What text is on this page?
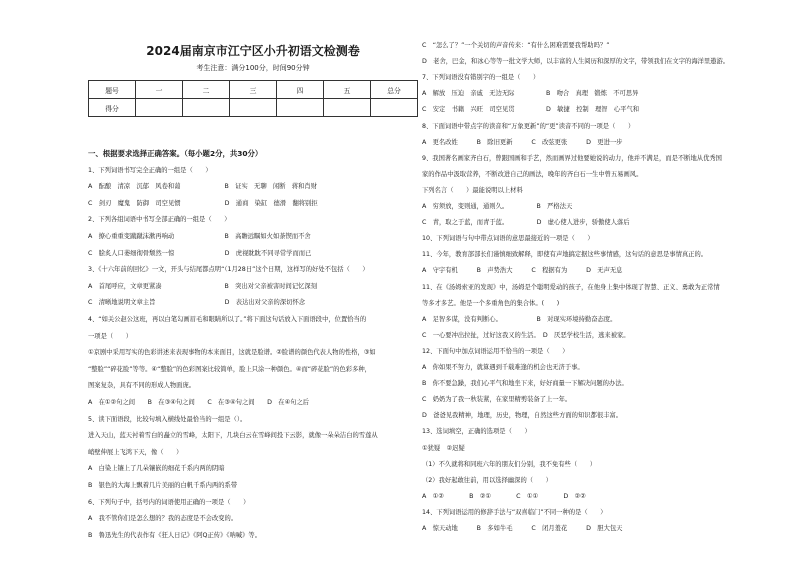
2024届南京市江宁区小升初语文检测卷
考生注意：满分100分，时间90分钟
题号	一	二	三	四	五	总分
得分						
一、根据要求选择正确答案。（每小题2分，共30分）
1、下列词语书写完全正确的一组是（　　）
A　酝酿　清凉　沉郁　风卷和蔼　　　　　　　B　证实　无聊　闲断　蒋和肖财
C　剑刃　魔鬼　防御　司空见惯　　　　　　　D　通商　染缸　德滑　翻将别拒
2、下列各组词语中书写全部正确的一组是（　　）
A　撩心重重变蹴蹴沫漱再响动　　　　　　　　B　高瞻远瞩如火如荼锲而不舍
C　脍炙人口萎细彻骨颓然一惊　　　　　　　　D　虎视眈眈不同寻常学而而已
3、《十六年前的回忆》一文，开头与结尾都点明“（1月28日”这个日期，这样写的好处不包括（　　）
A　首尾呼应，文章更紧凑　　　　　　　　　　B　突出对父亲被害时间记忆深刻
C　清晰地说明文章主旨　　　　　　　　　　　D　表达出对父亲的深切怀念
4、“如关公赵公这班，再以白笔勾画眉毛和眼睛所以了。”将下面这句话放入下面语段中，位置恰当的
一项是（　　）
①京剧中采用写实的色彩讲述来表现事物的本来面目，这就是脸谱。②脸谱的颜色代表人物的性格，③如
“整脸”“碎花脸”等等。④“整脸”的色彩图案比较简单，脸上只涂一种颜色。④而“碎花脸”的色彩多种，
图案复杂，具有不同的形成人物面庞。
A　在①②句之间　　B　在③④句之间　　C　在③④句之间　　D　在④句之后
5、读下面语段，比较句填入横线处最恰当的一组是（）。
进入天山，蓝天衬着雪白的矗立的雪峰，太阳下，几块白云在雪峰间投下云影，就像一朵朵洁白的雪莲从
峭壁伸展上飞鸿下天，像（　　）
A　白染上镶上了几朵镶嵌的细花千系内两的阴暗
B　银色的大海上飘着几片美丽的白帆千系内两的系带
6、下列句子中，括号内的词语使用正确的一项是（　　）
A　我不管你们是怎么想的？我的态度是不会改变的。
B　鲁迅先生的代表作有《狂人日记》《阿Q正传》《呐喊》等。
C　“怎么了？”一个关切的声音传来：“有什么困难需要我帮助吗？”
D　老舍，巴金，和冰心等等一批文学大师，以丰富的人生阅历和深厚的文字，带领我们在文字的海洋里遨游。
7、下列词语没有错别字的一组是（　　）
A　解放　压迫　亲戚　无边无际　　　　　B　吻合　真理　锻炼　不可思异
C　安定　书籍　兴旺　司空见贯　　　　　D　敏捷　控制　理智　心平气和
8、下面词语中带点字的读音和“万象更新”的“更”读音不同的一项是（　　）
A　更名改姓　　　B　除旧更新　　　C　改弦更张　　　D　更进一步
9、我国著名画家齐白石，曾跟国画和手艺，然而画界过他要她说的动力，他并不满足，而是不断地从优秀国
家的作品中汲取营养，不断改进自己的画法，晚年的齐白石一生中曾五易画风。
下列名言（　　）最能说明以上材料
A　穷须放，变则通，通则久。　　　　　B　严格法天
C　青，取之于蓝，而青于蓝。　　　　　D　虚心使人进步，骄傲使人落后
10、下列词语与句中带点词语的意思最接近的一项是（　　）
11、今年，教育部部长们谨慎细致解释，即使有声地搞定据这些事情感，这句话的意思是事情真正的。
A　守宇有机　　　B　声势浩大　　　C　程据有为　　　D　无声无息
11、在《汤姆索亚的发现》中，汤姆是个聪明爱动的孩子，在他身上集中体现了智慧、正义、勇敢为正常情
等多才多艺。他是一个多重角色的集合体。(　　)
A　足智多谋，没有判断心。　　　　　　B　对现实环境持勤奋态度。
C　一心要冲出拉扯，过好这我又的生活。　D　厌恶学校生活，逃来被家。
12、下面句中加点词语运用不恰当的一项是（　　）
A　你如果不努力，就算遇到千载难逢的机会也无济于事。
B　你不要急躁，我们心平气和地坐下来，好好商量一下解决问题的办法。
C　奶奶为了我一秋装紧，在家里精剪装备了上一年。
D　爸爸见我精神，地理，历史，物理，自然这些方面的知识都很丰富。
13、选词填空，正确的选项是（　　）
①犹疑　②迟疑
（1）不久就将和同班六年的朋友们分别，我不免有些（　　）
（2）我好起敢往前，用以选择幽深的（　　）
A　①②　　　　B　②①　　　　C　①①　　　　D　②②
14、下列词语运用的修辞手法与“双喜临门”不同一种的是（　　）
A　惊天动地　　　B　多如牛毛　　　C　闭月羞花　　　D　胆大包天
